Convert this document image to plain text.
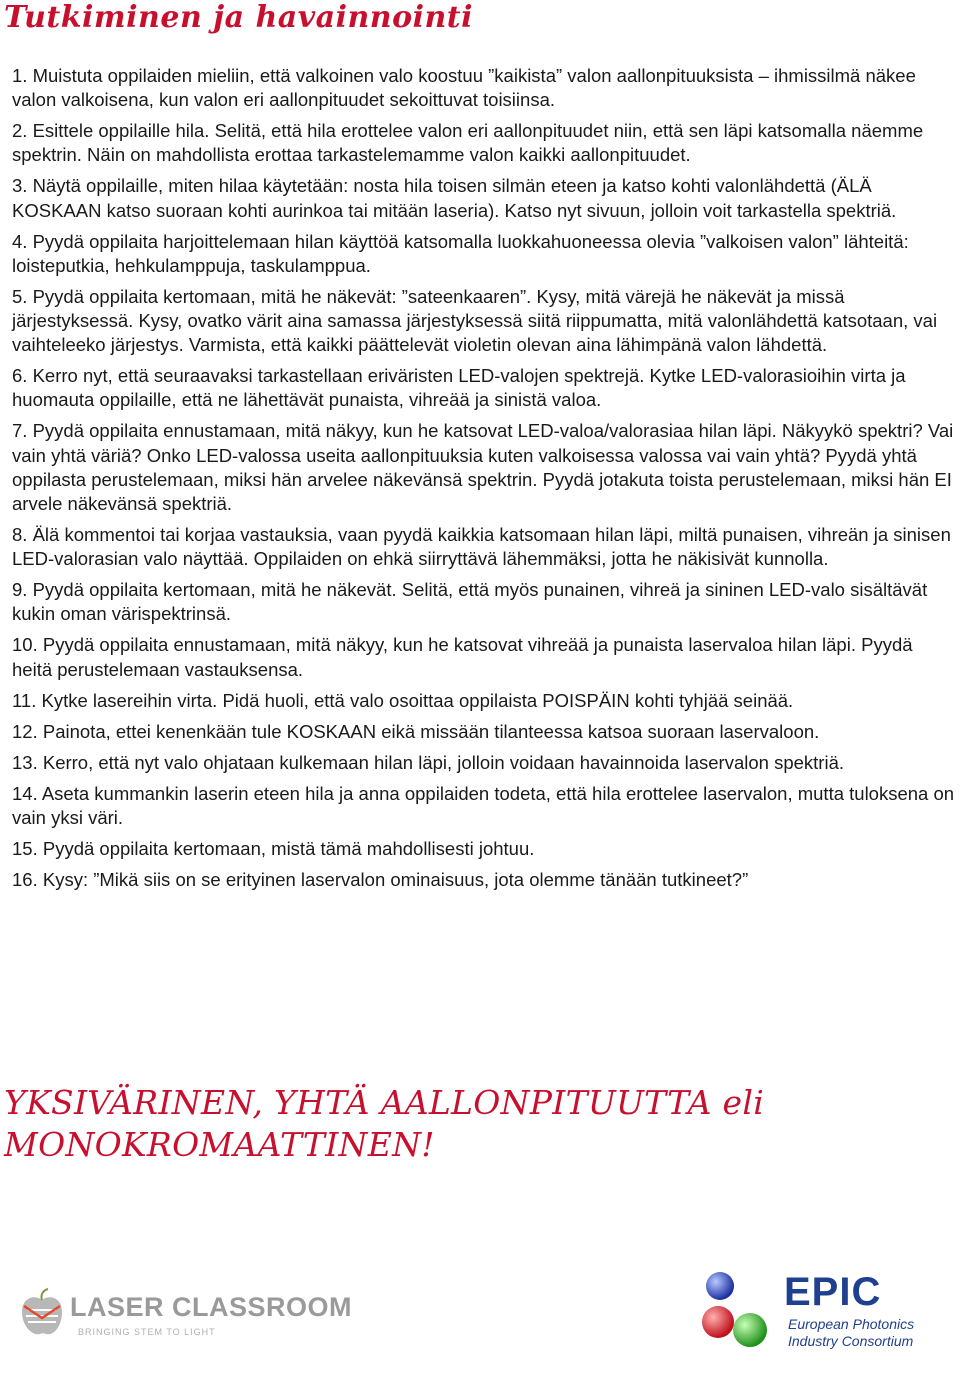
Tutkiminen ja havainnointi
1. Muistuta oppilaiden mieliin, että valkoinen valo koostuu ”kaikista” valon aallonpituuksista – ihmissilmä näkee valon valkoisena, kun valon eri aallonpituudet sekoittuvat toisiinsa.
2. Esittele oppilaille hila. Selitä, että hila erottelee valon eri aallonpituudet niin, että sen läpi katsomalla näemme spektrin. Näin on mahdollista erottaa tarkastelemamme valon kaikki aallonpituudet.
3. Näytä oppilaille, miten hilaa käytetään: nosta hila toisen silmän eteen ja katso kohti valonlähdettä (ÄLÄ KOSKAAN katso suoraan kohti aurinkoa tai mitään laseria). Katso nyt sivuun, jolloin voit tarkastella spektriä.
4. Pyydä oppilaita harjoittelemaan hilan käyttöä katsomalla luokkahuoneessa olevia ”valkoisen valon” lähteitä: loisteputkia, hehkulamppuja, taskulamppua.
5. Pyydä oppilaita kertomaan, mitä he näkevät: ”sateenkaaren”. Kysy, mitä värejä he näkevät ja missä järjestyksessä. Kysy, ovatko värit aina samassa järjestyksessä siitä riippumatta, mitä valonlähdettä katsotaan, vai vaihteleeko järjestys. Varmista, että kaikki päättelevät violetin olevan aina lähimpänä valon lähdettä.
6. Kerro nyt, että seuraavaksi tarkastellaan eriväristen LED-valojen spektrejä. Kytke LED-valorasioihin virta ja huomauta oppilaille, että ne lähettävät punaista, vihreää ja sinistä valoa.
7. Pyydä oppilaita ennustamaan, mitä näkyy, kun he katsovat LED-valoa/valorasiaa hilan läpi. Näkyykö spektri? Vai vain yhtä väriä? Onko LED-valossa useita aallonpituuksia kuten valkoisessa valossa vai vain yhtä? Pyydä yhtä oppilasta perustelemaan, miksi hän arvelee näkevänsä spektrin. Pyydä jotakuta toista perustelemaan, miksi hän EI arvele näkevänsä spektriä.
8. Älä kommentoi tai korjaa vastauksia, vaan pyydä kaikkia katsomaan hilan läpi, miltä punaisen, vihreän ja sinisen LED-valorasian valo näyttää. Oppilaiden on ehkä siirryttävä lähemmäksi, jotta he näkisivät kunnolla.
9. Pyydä oppilaita kertomaan, mitä he näkevät. Selitä, että myös punainen, vihreä ja sininen LED-valo sisältävät kukin oman värispektrinsä.
10. Pyydä oppilaita ennustamaan, mitä näkyy, kun he katsovat vihreää ja punaista laservaloa hilan läpi. Pyydä heitä perustelemaan vastauksensa.
11. Kytke lasereihin virta. Pidä huoli, että valo osoittaa oppilaista POISPÄIN kohti tyhjää seinää.
12. Painota, ettei kenenkään tule KOSKAAN eikä missään tilanteessa katsoa suoraan laservaloon.
13. Kerro, että nyt valo ohjataan kulkemaan hilan läpi, jolloin voidaan havainnoida laservalon spektriä.
14. Aseta kummankin laserin eteen hila ja anna oppilaiden todeta, että hila erottelee laservalon, mutta tuloksena on vain yksi väri.
15. Pyydä oppilaita kertomaan, mistä tämä mahdollisesti johtuu.
16. Kysy: ”Mikä siis on se erityinen laservalon ominaisuus, jota olemme tänään tutkineet?”

YKSIVÄRINEN, YHTÄ AALLONPITUUTTA eli MONOKROMAATTINEN!

LASER CLASSROOM
BRINGING STEM TO LIGHT
EPIC
European Photonics
Industry Consortium
